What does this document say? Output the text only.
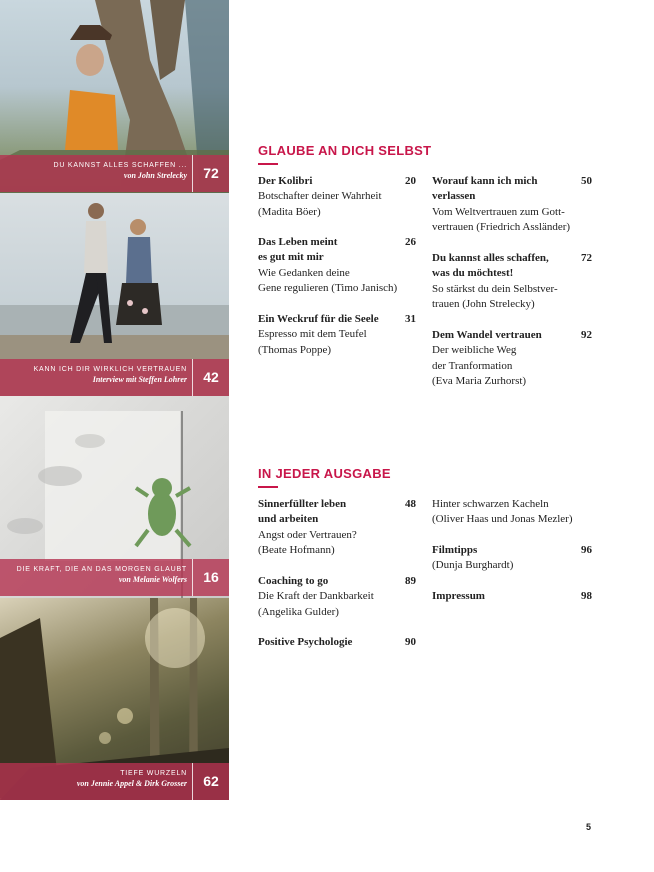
DU KANNST ALLES SCHAFFEN ...
von John Strelecky	72
KANN ICH DIR WIRKLICH VERTRAUEN
Interview mit Steffen Lohrer	42
DIE KRAFT, DIE AN DAS MORGEN GLAUBT
von Melanie Wolfers	16
TIEFE WURZELN
von Jennie Appel & Dirk Grosser	62
GLAUBE AN DICH SELBST
Der Kolibri	20
Botschafter deiner Wahrheit
(Madita Böer)
Das Leben meint	26
es gut mit mir
Wie Gedanken deine
Gene regulieren (Timo Janisch)
Ein Weckruf für die Seele 31
Espresso mit dem Teufel
(Thomas Poppe)
Worauf kann ich mich	50
verlassen
Vom Weltvertrauen zum Gott-
vertrauen (Friedrich Assländer)
Du kannst alles schaffen,	72
was du möchtest!
So stärkst du dein Selbstver-
trauen (John Strelecky)
Dem Wandel vertrauen	92
Der weibliche Weg
der Tranformation
(Eva Maria Zurhorst)
IN JEDER AUSGABE
Sinnerfüllter leben	48
und arbeiten
Angst oder Vertrauen?
(Beate Hofmann)
Coaching to go	89
Die Kraft der Dankbarkeit
(Angelika Gulder)
Positive Psychologie	90
Hinter schwarzen Kacheln
(Oliver Haas und Jonas Mezler)
Filmtipps	96
(Dunja Burghardt)
Impressum	98
5
